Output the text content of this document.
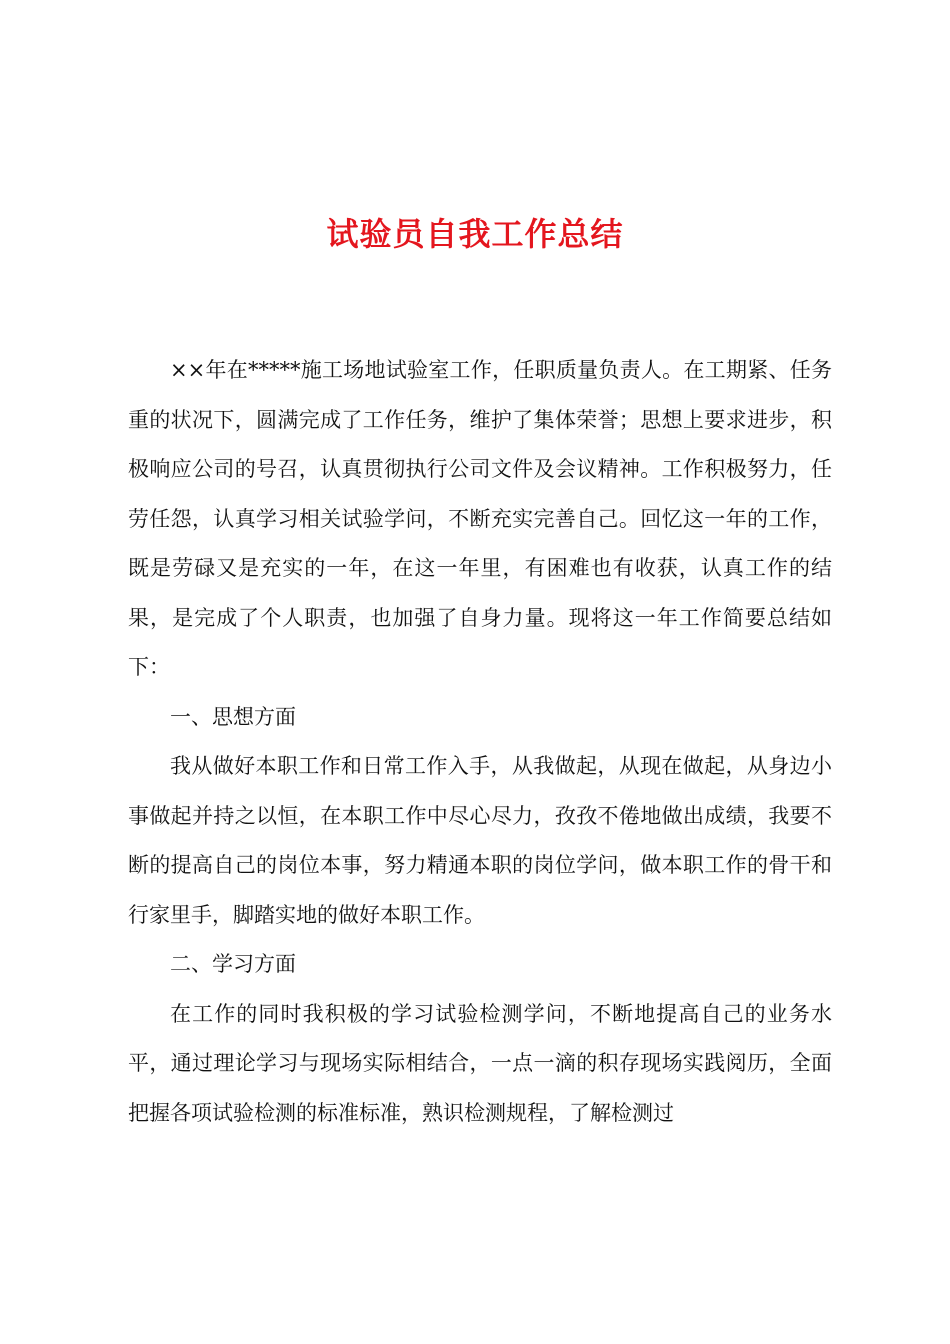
试验员自我工作总结

××年在*****施工场地试验室工作，任职质量负责人。在工期紧、任务重的状况下，圆满完成了工作任务，维护了集体荣誉；思想上要求进步，积极响应公司的号召，认真贯彻执行公司文件及会议精神。工作积极努力，任劳任怨，认真学习相关试验学问，不断充实完善自己。回忆这一年的工作，既是劳碌又是充实的一年，在这一年里，有困难也有收获，认真工作的结果，是完成了个人职责，也加强了自身力量。现将这一年工作简要总结如下：

一、思想方面

我从做好本职工作和日常工作入手，从我做起，从现在做起，从身边小事做起并持之以恒，在本职工作中尽心尽力，孜孜不倦地做出成绩，我要不断的提高自己的岗位本事，努力精通本职的岗位学问，做本职工作的骨干和行家里手，脚踏实地的做好本职工作。

二、学习方面

在工作的同时我积极的学习试验检测学问，不断地提高自己的业务水平，通过理论学习与现场实际相结合，一点一滴的积存现场实践阅历，全面把握各项试验检测的标准标准，熟识检测规程，了解检测过
